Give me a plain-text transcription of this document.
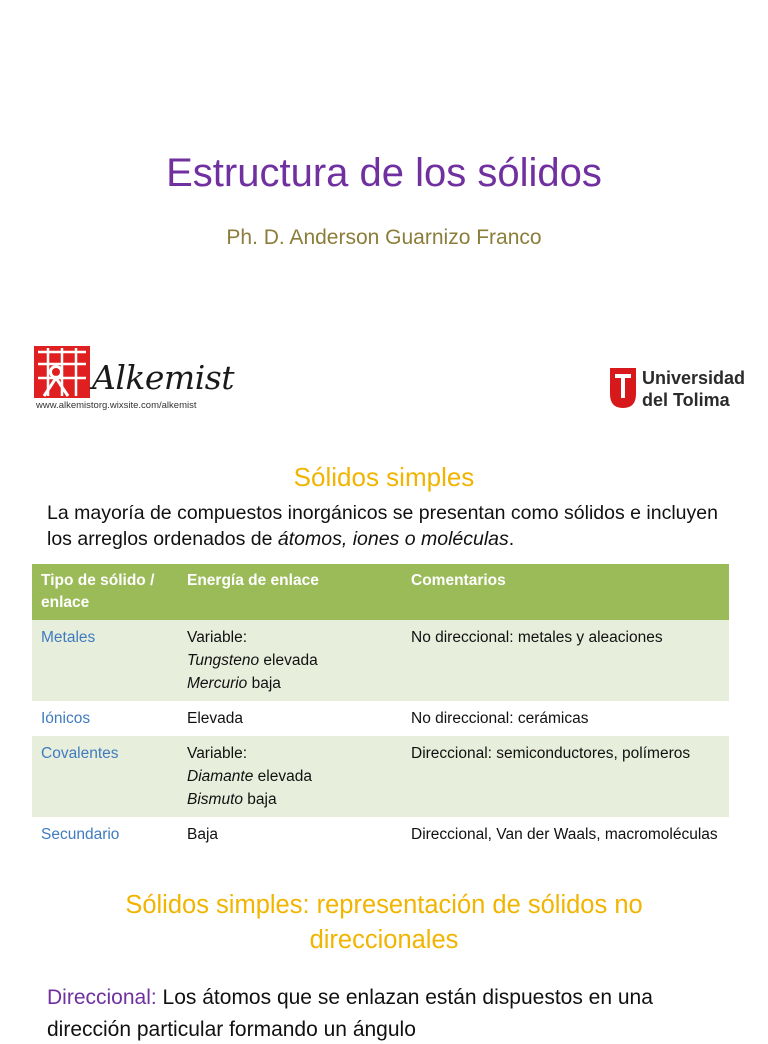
Estructura de los sólidos
Ph. D. Anderson Guarnizo Franco
Alkemist
www.alkemistorg.wixsite.com/alkemist
Universidad
del Tolima
Sólidos simples
La mayoría de compuestos inorgánicos se presentan como sólidos e incluyen los arreglos ordenados de átomos, iones o moléculas.
Tipo de sólido / enlace	Energía de enlace	Comentarios
Metales	Variable:
Tungsteno elevada
Mercurio baja	No direccional: metales y aleaciones
Iónicos	Elevada	No direccional: cerámicas
Covalentes	Variable:
Diamante elevada
Bismuto baja	Direccional: semiconductores, polímeros
Secundario	Baja	Direccional, Van der Waals, macromoléculas
Sólidos simples: representación de sólidos no direccionales
Direccional: Los átomos que se enlazan están dispuestos en una
dirección particular formando un ángulo
